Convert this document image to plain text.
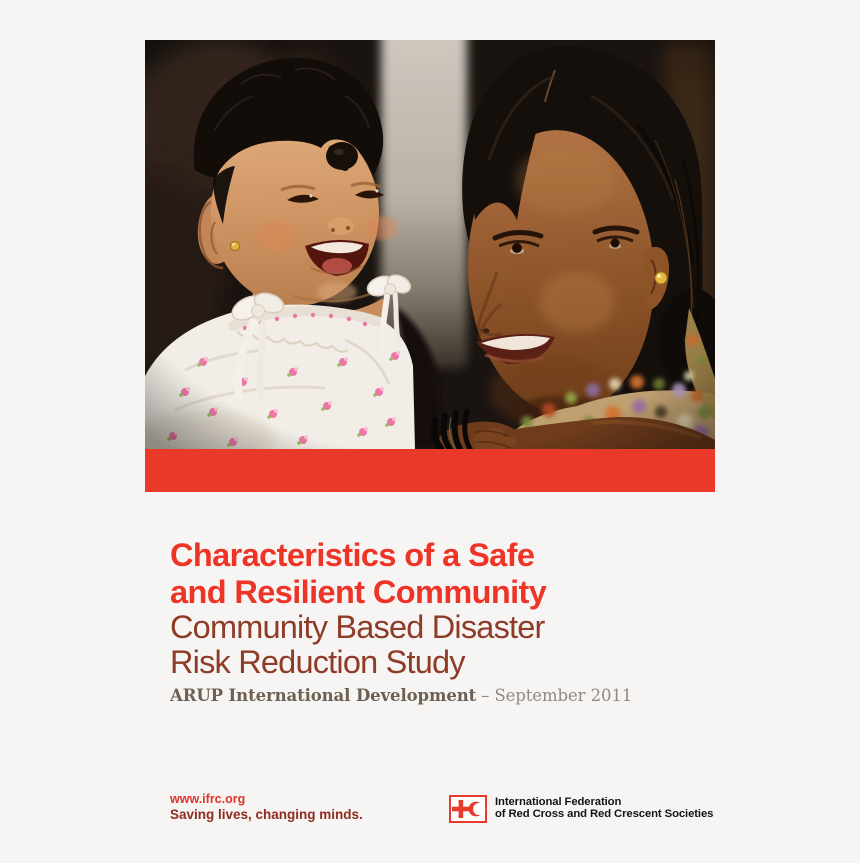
Characteristics of a Safe
and Resilient Community
Community Based Disaster
Risk Reduction Study
ARUP International Development – September 2011
www.ifrc.org
Saving lives, changing minds.
International Federation
of Red Cross and Red Crescent Societies
